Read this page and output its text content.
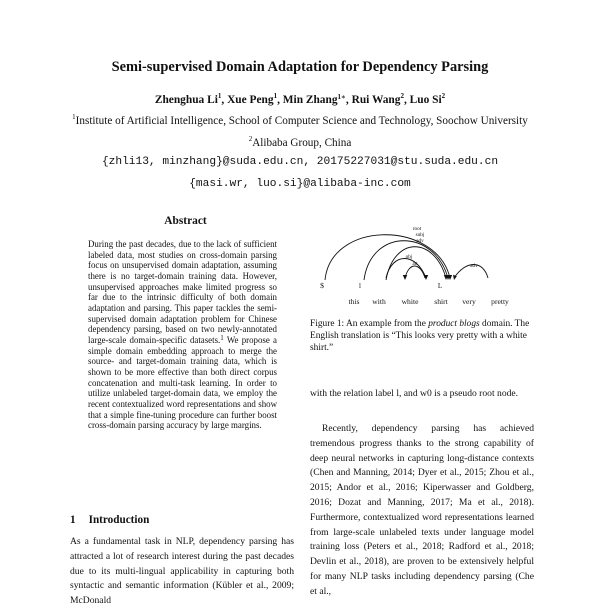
Semi-supervised Domain Adaptation for Dependency Parsing
Zhenghua Li$^1$, Xue Peng$^1$, Min Zhang$^{1∗}$, Rui Wang$^2$, Luo Si$^2$
$^1$Institute of Artificial Intelligence, School of Computer Science and Technology, Soochow University
$^2$Alibaba Group, China
{zhli13, minzhang}@suda.edu.cn, 20175227031@stu.suda.edu.cn
{masi.wr, luo.si}@alibaba-inc.com
Abstract
During the past decades, due to the lack of sufficient labeled data, most studies on cross-domain parsing focus on unsupervised domain adaptation, assuming there is no target-domain training data. However, unsupervised approaches make limited progress so far due to the intrinsic difficulty of both domain adaptation and parsing. This paper tackles the semi-supervised domain adaptation problem for Chinese dependency parsing, based on two newly-annotated large-scale domain-specific datasets.$^1$ We propose a simple domain embedding approach to merge the source- and target-domain training data, which is shown to be more effective than both direct corpus concatenation and multi-task learning. In order to utilize unlabeled target-domain data, we employ the recent contextualized word representations and show that a simple fine-tuning procedure can further boost cross-domain parsing accuracy by large margins.
1 Introduction
As a fundamental task in NLP, dependency parsing has attracted a lot of research interest during the past decades due to its multi-lingual applicability in capturing both syntactic and semantic information (Kübler et al., 2009; McDonald
root
subj
adv
obj
att	adv
l	L
$
this with white shirt very pretty
Figure 1: An example from the product blogs domain. The English translation is “This looks very pretty with a white shirt.”
with the relation label l, and w0 is a pseudo root node.
Recently, dependency parsing has achieved tremendous progress thanks to the strong capability of deep neural networks in capturing long-distance contexts (Chen and Manning, 2014; Dyer et al., 2015; Zhou et al., 2015; Andor et al., 2016; Kiperwasser and Goldberg, 2016; Dozat and Manning, 2017; Ma et al., 2018). Furthermore, contextualized word representations learned from large-scale unlabeled texts under language model training loss (Peters et al., 2018; Radford et al., 2018; Devlin et al., 2018), are proven to be extensively helpful for many NLP tasks including dependency parsing (Che et al.,
